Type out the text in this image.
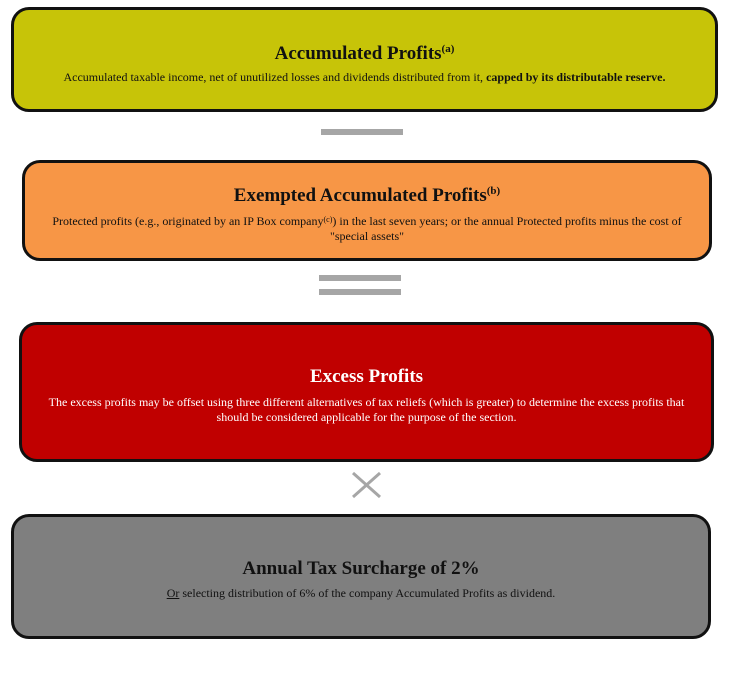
Accumulated Profits$^{(a)}$
Accumulated taxable income, net of unutilized losses and dividends distributed from it, capped by its distributable reserve.
Exempted Accumulated Profits$^{(b)}$
Protected profits (e.g., originated by an IP Box company$^{(c)}$) in the last seven years; or the annual Protected profits minus the cost of "special assets"
Excess Profits
The excess profits may be offset using three different alternatives of tax reliefs (which is greater) to determine the excess profits that should be considered applicable for the purpose of the section.
Annual Tax Surcharge of 2%
Or selecting distribution of 6% of the company Accumulated Profits as dividend.
